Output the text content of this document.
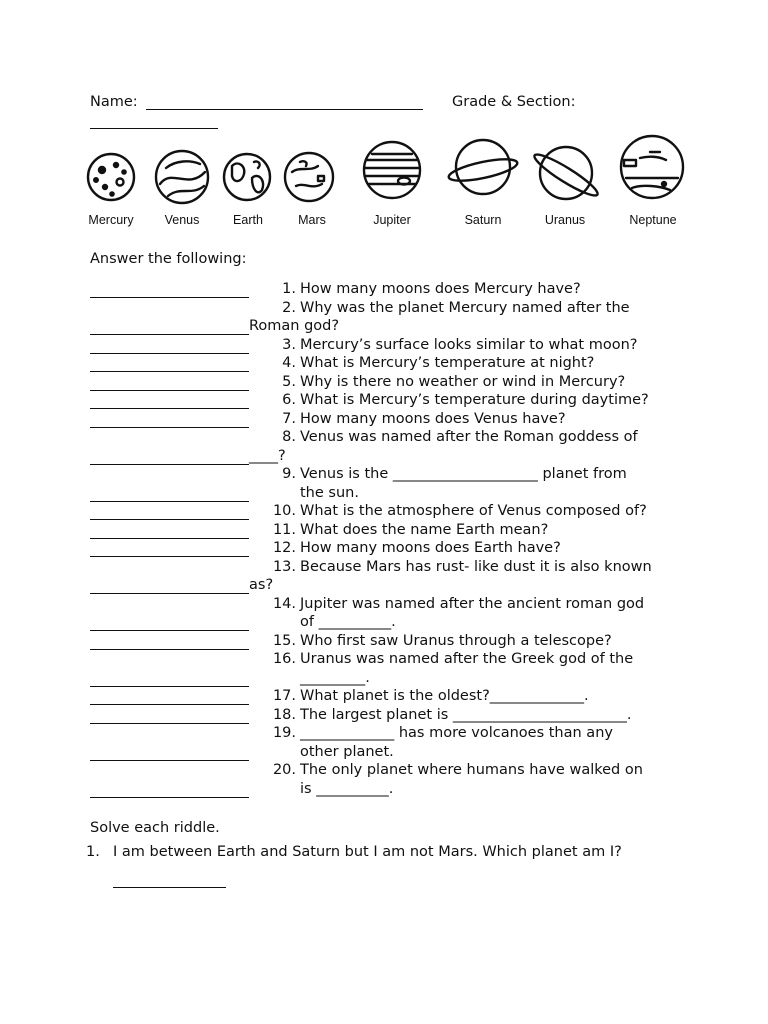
Name:	Grade & Section:
Mercury Venus	Earth	Mars	Jupiter	Saturn	Uranus	Neptune
Answer the following:
1. How many moons does Mercury have?
2. Why was the planet Mercury named after the
Roman god?
3. Mercury’s surface looks similar to what moon?
4. What is Mercury’s temperature at night?
5. Why is there no weather or wind in Mercury?
6. What is Mercury’s temperature during daytime?
7. How many moons does Venus have?
8. Venus was named after the Roman goddess of
____?
9. Venus is the ____________________ planet from
the sun.
10. What is the atmosphere of Venus composed of?
11. What does the name Earth mean?
12. How many moons does Earth have?
13. Because Mars has rust- like dust it is also known
as?
14. Jupiter was named after the ancient roman god
of __________.
15. Who first saw Uranus through a telescope?
16. Uranus was named after the Greek god of the
_________.
17. What planet is the oldest?_____________.
18. The largest planet is ________________________.
19. _____________ has more volcanoes than any
other planet.
20. The only planet where humans have walked on
is __________.
Solve each riddle.
1. I am between Earth and Saturn but I am not Mars. Which planet am I?
